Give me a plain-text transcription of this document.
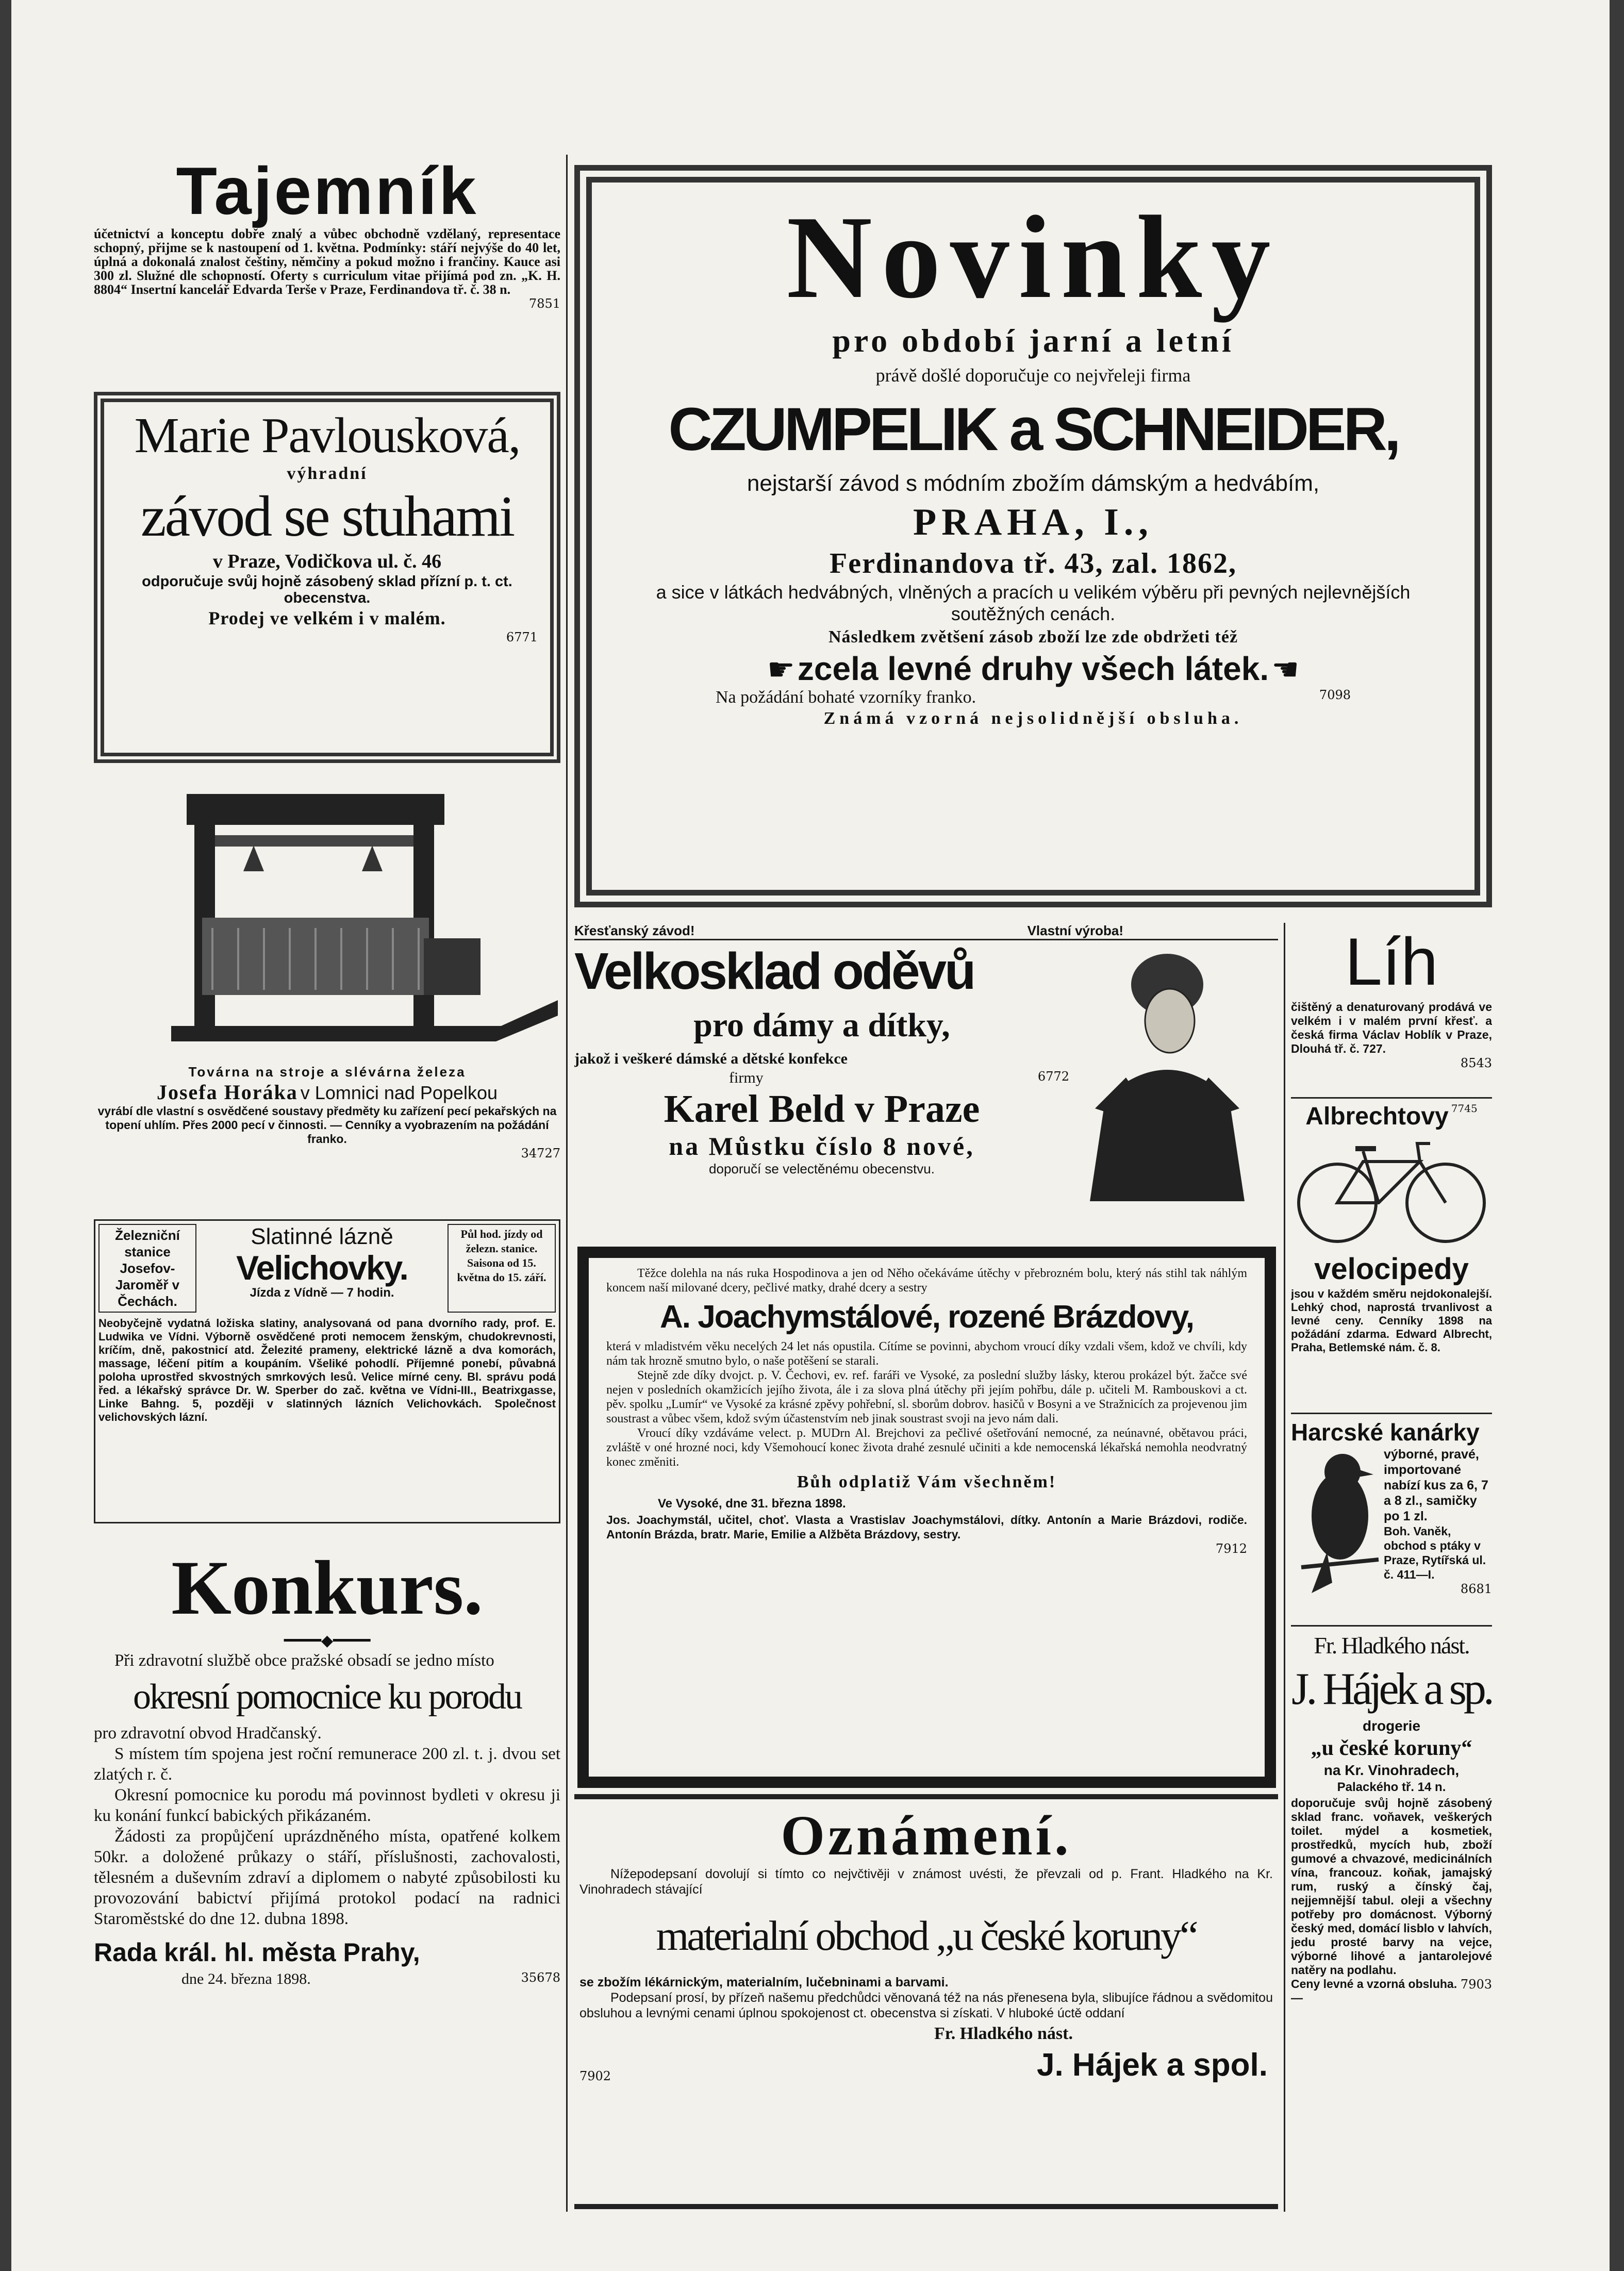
Tajemník

účetnictví a konceptu dobře znalý a vůbec obchodně vzdělaný, representace schopný, přijme se k nastoupení od 1. května. Podmínky: stáří nejvýše do 40 let, úplná a dokonalá znalost češtiny, němčiny a pokud možno i frančiny. Kauce asi 300 zl. Služné dle schopností. Oferty s curriculum vitae přijímá pod zn. „K. H. 8804“ Insertní kancelář Edvarda Terše v Praze, Ferdinandova tř. č. 38 n.

7851
Marie Pavlousková,
výhradní
závod se stuhami
v Praze, Vodičkova ul. č. 46
odporučuje svůj hojně zásobený sklad přízní p. t. ct. obecenstva.
Prodej ve velkém i v malém.
6771
Továrna na stroje a slévárna železa
Josefa Horáka v Lomnici nad Popelkou

vyrábí dle vlastní s osvědčené soustavy předměty ku zařízení pecí pekařských na topení uhlím. Přes 2000 pecí v činnosti. — Cenníky a vyobrazením na požádání franko.

34727
Železniční stanice Josefov-Jaroměř v Čechách.
Slatinné lázně
Velichovky.
Jízda z Vídně — 7 hodin.
Půl hod. jízdy od železn. stanice. Saisona od 15. května do 15. září.

Neobyčejně vydatná ložiska slatiny, analysovaná od pana dvorního rady, prof. E. Ludwika ve Vídni. Výborně osvědčené proti nemocem ženským, chudokrevnosti, kríčím, dně, pakostnicí atd. Železité prameny, elektrické lázně a dva komorách, massage, léčení pitím a koupáním. Všeliké pohodlí. Příjemné ponebí, půvabná poloha uprostřed skvostných smrkových lesů. Velice mírné ceny. Bl. správu podá řed. a lékařský správce Dr. W. Sperber do zač. května ve Vídni-III., Beatrixgasse, Linke Bahng. 5, později v slatinných lázních Velichovkách. Společnost velichovských lázní.

Konkurs.
━━━━◆━━━━

Při zdravotní službě obce pražské obsadí se jedno místo

okresní pomocnice ku porodu

pro zdravotní obvod Hradčanský.

S místem tím spojena jest roční remunerace 200 zl. t. j. dvou set zlatých r. č.

Okresní pomocnice ku porodu má povinnost bydleti v okresu ji ku konání funkcí babických přikázaném.

Žádosti za propůjčení uprázdněného místa, opatřené kolkem 50kr. a doložené průkazy o stáří, příslušnosti, zachovalosti, tělesném a duševním zdraví a diplomem o nabyté způsobilosti ku provozování babictví přijímá protokol podací na radnici Staroměstské do dne 12. dubna 1898.

Rada král. hl. města Prahy,
dne 24. března 1898.	35678
Novinky
pro období jarní a letní
právě došlé doporučuje co nejvřeleji firma
CZUMPELIK a SCHNEIDER,
nejstarší závod s módním zbožím dámským a hedvábím,
PRAHA, I.,
Ferdinandova tř. 43, zal. 1862,

a sice v látkách hedvábných, vlněných a pracích u velikém výběru při pevných nejlevnějších soutěžných cenách.

Následkem zvětšení zásob zboží lze zde obdržeti též
☛ zcela levné druhy všech látek. ☚
Na požádání bohaté vzorníky franko.	7098
Známá vzorná nejsolidnější obsluha.
Křesťanský závod!	Vlastní výroba!
Velkosklad oděvů
pro dámy a dítky,
jakož i veškeré dámské a dětské konfekce
firmy	6772
Karel Beld v Praze
na Můstku číslo 8 nové,
doporučí se velectěnému obecenstvu.

Těžce dolehla na nás ruka Hospodinova a jen od Něho očekáváme útěchy v přebrozném bolu, který nás stihl tak náhlým koncem naší milované dcery, pečlivé matky, drahé dcery a sestry

A. Joachymstálové, rozené Brázdovy,

která v mladistvém věku necelých 24 let nás opustila. Cítíme se povinni, abychom vroucí díky vzdali všem, kdož ve chvíli, kdy nám tak hrozně smutno bylo, o naše potěšení se starali.

Stejně zde díky dvojct. p. V. Čechovi, ev. ref. faráři ve Vysoké, za poslední služby lásky, kterou prokázel být. žačce své nejen v posledních okamžicích jejího života, ále i za slova plná útěchy při jejím pohřbu, dále p. učiteli M. Rambouskovi a ct. pěv. spolku „Lumír“ ve Vysoké za krásné zpěvy pohřební, sl. sborům dobrov. hasičů v Bosyni a ve Stražnicích za projevenou jim soustrast a vůbec všem, kdož svým účastenstvím neb jinak soustrast svoji na jevo nám dali.

Vroucí díky vzdáváme velect. p. MUDrn Al. Brejchovi za pečlivé ošetřování nemocné, za neúnavné, obětavou práci, zvláště v oné hrozné noci, kdy Všemohoucí konec života drahé zesnulé učiniti a kde nemocenská lékařská nemohla neodvratný konec změniti.

Bůh odplatiž Vám všechněm!
Ve Vysoké, dne 31. března 1898.

Jos. Joachymstál, učitel, choť. Vlasta a Vrastislav Joachymstálovi, dítky. Antonín a Marie Brázdovi, rodiče. Antonín Brázda, bratr. Marie, Emilie a Alžběta Brázdovy, sestry.

7912
Oznámení.

Nížepodepsaní dovolují si tímto co nejvčtivěji v známost uvésti, že převzali od p. Frant. Hladkého na Kr. Vinohradech stávající

materialní obchod „u české koruny“
se zbožím lékárnickým, materialním, lučebninami a barvami.

Podepsaní prosí, by přízeň našemu předchůdci věnovaná též na nás přenesena byla, slibujíce řádnou a svědomitou obsluhou a levnými cenami úplnou spokojenost ct. obecenstva si získati. V hluboké úctě oddaní

Fr. Hladkého nást.
7902	J. Hájek a spol.
Líh

čištěný a denaturovaný prodává ve velkém i v malém první křesť. a česká firma Václav Hoblík v Praze, Dlouhá tř. č. 727.

8543
Albrechtovy 7745
velocipedy

jsou v každém směru nejdokonalejší. Lehký chod, naprostá trvanlivost a levné ceny. Cenníky 1898 na požádání zdarma. Edward Albrecht, Praha, Betlemské nám. č. 8.

Harcské kanárky

výborné, pravé, importované nabízí kus za 6, 7 a 8 zl., samičky po 1 zl.

Boh. Vaněk, obchod s ptáky v Praze, Rytířská ul. č. 411—I.

8681
Fr. Hladkého nást.
J. Hájek a sp.
drogerie
„u české koruny“
na Kr. Vinohradech,
Palackého tř. 14 n.

doporučuje svůj hojně zásobený sklad franc. voňavek, veškerých toilet. mýdel a kosmetiek, prostředků, mycích hub, zboží gumové a chvazové, medicinálních vína, francouz. koňak, jamajský rum, ruský a čínský čaj, nejjemnější tabul. oleji a všechny potřeby pro domácnost. Výborný český med, domácí lisblo v lahvích, jedu prosté barvy na vejce, výborné lihové a jantarolejové natěry na podlahu.

Ceny levné a vzorná obsluha. —
7903
